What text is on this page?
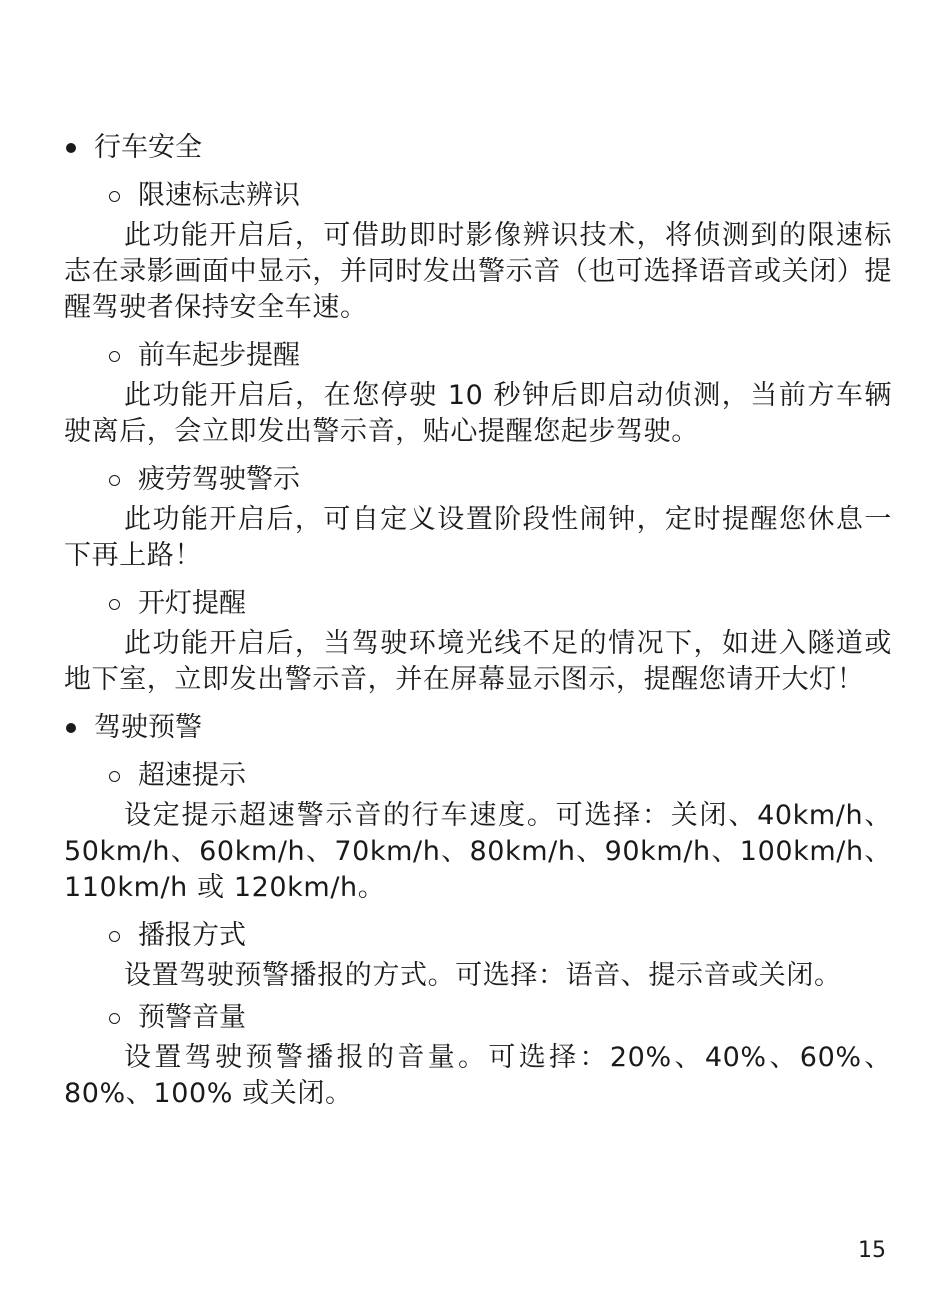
行车安全
限速标志辨识

此功能开启后，可借助即时影像辨识技术，将侦测到的限速标志在录影画面中显示，并同时发出警示音（也可选择语音或关闭）提醒驾驶者保持安全车速。

前车起步提醒

此功能开启后，在您停驶 10 秒钟后即启动侦测，当前方车辆驶离后，会立即发出警示音，贴心提醒您起步驾驶。

疲劳驾驶警示

此功能开启后，可自定义设置阶段性闹钟，定时提醒您休息一下再上路！

开灯提醒

此功能开启后，当驾驶环境光线不足的情况下，如进入隧道或地下室，立即发出警示音，并在屏幕显示图示，提醒您请开大灯！

驾驶预警
超速提示

设定提示超速警示音的行车速度。可选择：关闭、40km/h、50km/h、60km/h、70km/h、80km/h、90km/h、100km/h、110km/h 或 120km/h。

播报方式

设置驾驶预警播报的方式。可选择：语音、提示音或关闭。

预警音量

设置驾驶预警播报的音量。可选择：20%、40%、60%、80%、100% 或关闭。

15
